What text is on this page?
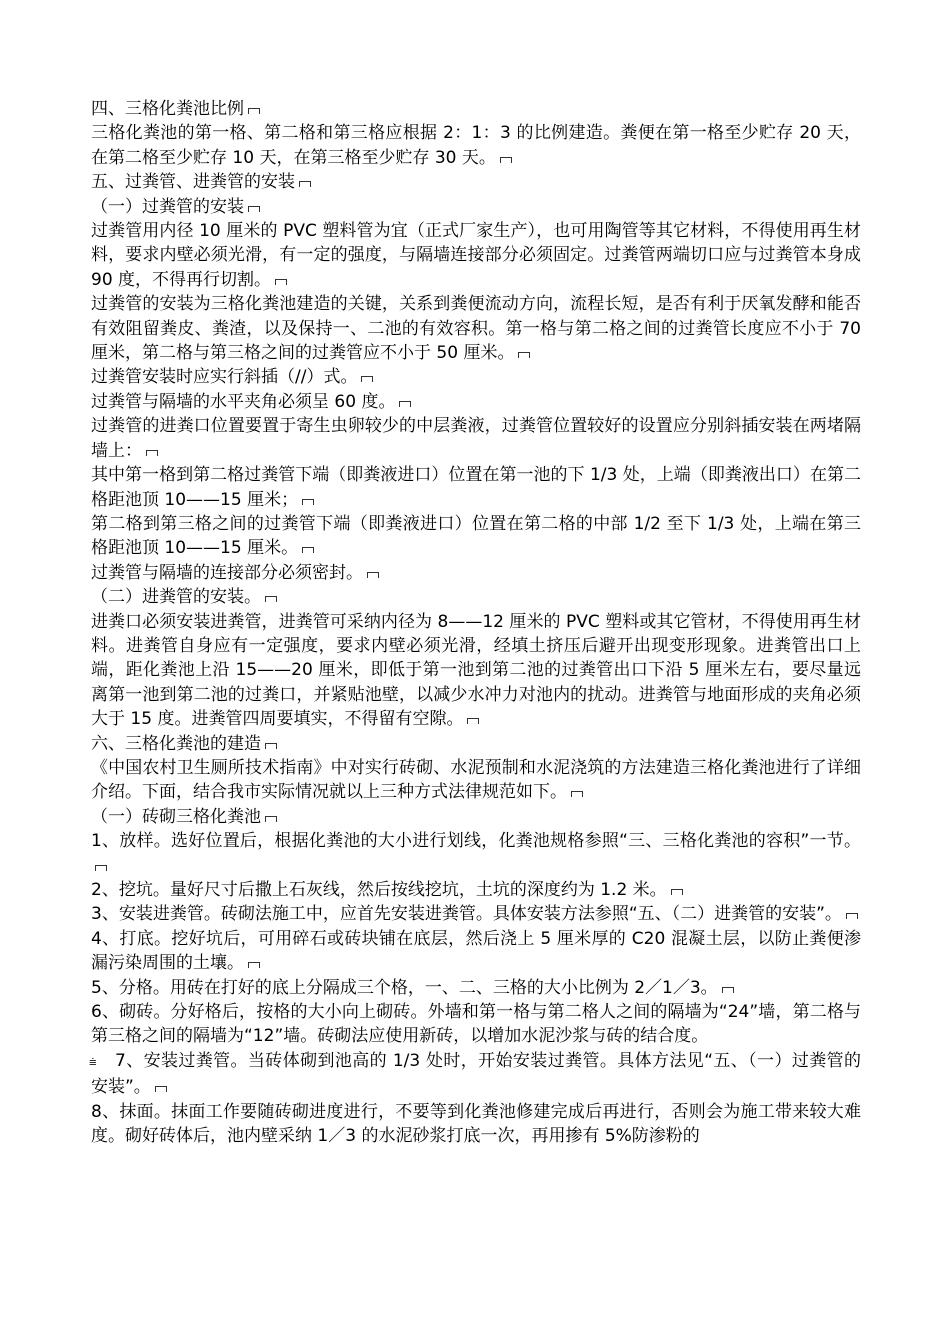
四、三格化粪池比例

三格化粪池的第一格、第二格和第三格应根据 2：1：3 的比例建造。粪便在第一格至少贮存 20 天，在第二格至少贮存 10 天，在第三格至少贮存 30 天。

五、过粪管、进粪管的安装

（一）过粪管的安装

过粪管用内径 10 厘米的 PVC 塑料管为宜（正式厂家生产），也可用陶管等其它材料，不得使用再生材料，要求内壁必须光滑，有一定的强度，与隔墙连接部分必须固定。过粪管两端切口应与过粪管本身成 90 度，不得再行切割。

过粪管的安装为三格化粪池建造的关键，关系到粪便流动方向，流程长短，是否有利于厌氧发酵和能否有效阻留粪皮、粪渣，以及保持一、二池的有效容积。第一格与第二格之间的过粪管长度应不小于 70 厘米，第二格与第三格之间的过粪管应不小于 50 厘米。

过粪管安装时应实行斜插（//）式。

过粪管与隔墙的水平夹角必须呈 60 度。

过粪管的进粪口位置要置于寄生虫卵较少的中层粪液，过粪管位置较好的设置应分别斜插安装在两堵隔墙上：

其中第一格到第二格过粪管下端（即粪液进口）位置在第一池的下 1/3 处，上端（即粪液出口）在第二格距池顶 10——15 厘米；

第二格到第三格之间的过粪管下端（即粪液进口）位置在第二格的中部 1/2 至下 1/3 处，上端在第三格距池顶 10——15 厘米。

过粪管与隔墙的连接部分必须密封。

（二）进粪管的安装。

进粪口必须安装进粪管，进粪管可采纳内径为 8——12 厘米的 PVC 塑料或其它管材，不得使用再生材料。进粪管自身应有一定强度，要求内壁必须光滑，经填土挤压后避开出现变形现象。进粪管出口上端，距化粪池上沿 15——20 厘米，即低于第一池到第二池的过粪管出口下沿 5 厘米左右，要尽量远离第一池到第二池的过粪口，并紧贴池壁，以减少水冲力对池内的扰动。进粪管与地面形成的夹角必须大于 15 度。进粪管四周要填实，不得留有空隙。

六、三格化粪池的建造

《中国农村卫生厕所技术指南》中对实行砖砌、水泥预制和水泥浇筑的方法建造三格化粪池进行了详细介绍。下面，结合我市实际情况就以上三种方式法律规范如下。

（一）砖砌三格化粪池

1、放样。选好位置后，根据化粪池的大小进行划线，化粪池规格参照“三、三格化粪池的容积”一节。

2、挖坑。量好尺寸后撒上石灰线，然后按线挖坑，土坑的深度约为 1.2 米。

3、安装进粪管。砖砌法施工中，应首先安装进粪管。具体安装方法参照“五、（二）进粪管的安装”。

4、打底。挖好坑后，可用碎石或砖块铺在底层，然后浇上 5 厘米厚的 C20 混凝土层，以防止粪便渗漏污染周围的土壤。

5、分格。用砖在打好的底上分隔成三个格，一、二、三格的大小比例为 2／1／3。

6、砌砖。分好格后，按格的大小向上砌砖。外墙和第一格与第二格人之间的隔墙为“24”墙，第二格与第三格之间的隔墙为“12”墙。砖砌法应使用新砖，以增加水泥沙浆与砖的结合度。

⩧ 7、安装过粪管。当砖体砌到池高的 1/3 处时，开始安装过粪管。具体方法见“五、（一）过粪管的安装”。

8、抹面。抹面工作要随砖砌进度进行，不要等到化粪池修建完成后再进行，否则会为施工带来较大难度。砌好砖体后，池内壁采纳 1／3 的水泥砂浆打底一次，再用掺有 5%防渗粉的
